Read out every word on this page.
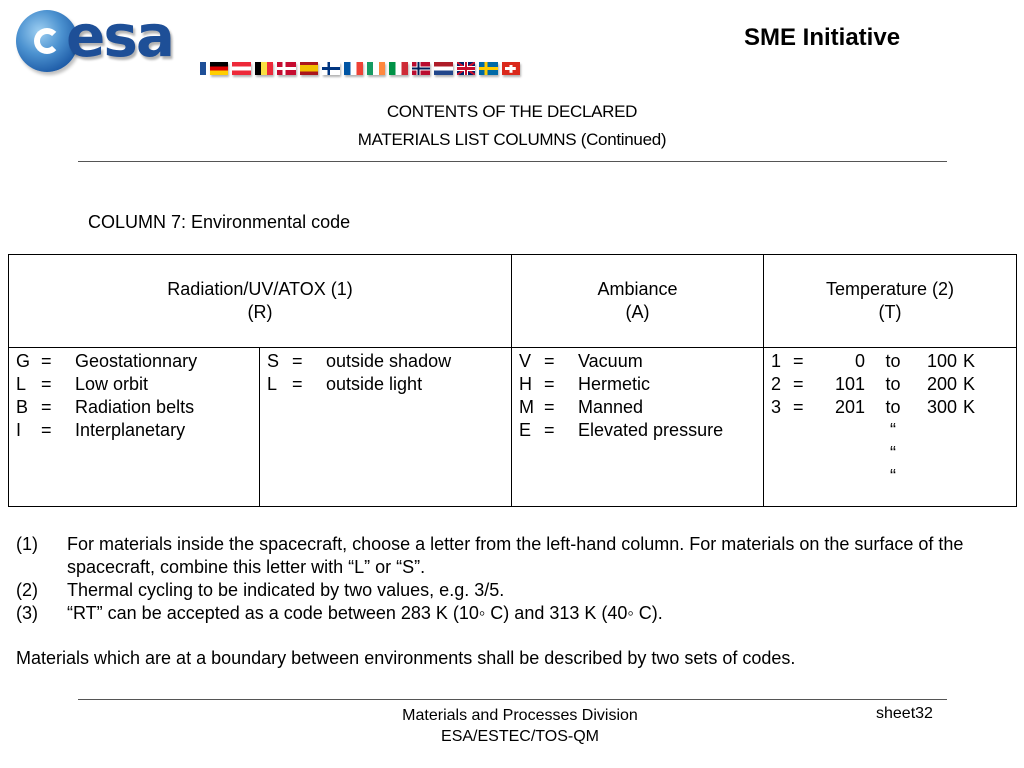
esa	SME Initiative
CONTENTS OF THE DECLARED
MATERIALS LIST COLUMNS (Continued)
COLUMN 7: Environmental code
Radiation/UV/ATOX (1)
(R)

Ambiance
(A)

Temperature (2)
(T)

G	=	Geostationnary
L	=	Low orbit
B	=	Radiation belts
I	=	Interplanetary

S	=	outside shadow
L	=	outside light

V	=	Vacuum
H	=	Hermetic
M	=	Manned
E	=	Elevated pressure

1	=	0	to	100	K
2	=	101	to	200	K
3	=	201	to	300	K
			“
			“
			“
(1)	For materials inside the spacecraft, choose a letter from the left-hand column. For materials on the surface of the spacecraft, combine this letter with “L” or “S”.
(2)	Thermal cycling to be indicated by two values, e.g. 3/5.
(3)	“RT” can be accepted as a code between 283 K (10◦ C) and 313 K (40◦ C).
Materials which are at a boundary between environments shall be described by two sets of codes.
Materials and Processes Division
ESA/ESTEC/TOS-QM
sheet32
